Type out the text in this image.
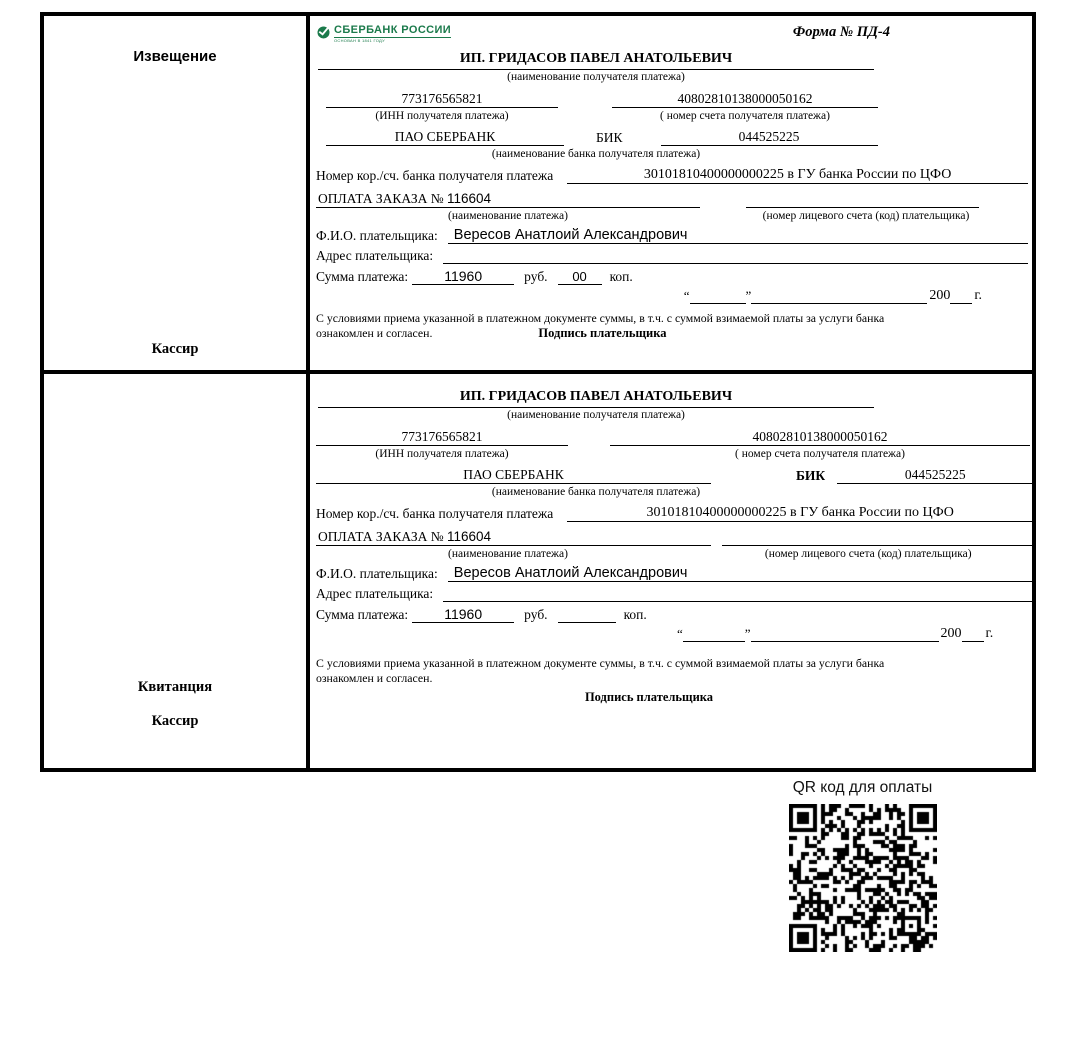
Извещение
Кассир
СБЕРБАНК РОССИИ
ОСНОВАН В 1841 ГОДУ
Форма № ПД-4
ИП. ГРИДАСОВ ПАВЕЛ АНАТОЛЬЕВИЧ
(наименование получателя платежа)
773176565821	40802810138000050162
(ИНН получателя платежа)	( номер счета получателя платежа)
ПАО СБЕРБАНК	БИК	044525225
(наименование банка получателя платежа)
Номер кор./сч. банка получателя платежа	30101810400000000225 в ГУ банка России по ЦФО
ОПЛАТА ЗАКАЗА № 116604
(наименование платежа)	(номер лицевого счета (код) плательщика)
Ф.И.О. плательщика:	Вересов Анатлоий Александрович
Адрес плательщика:
Сумма платежа:	11960	руб.	00	коп.
“	”	200 г.
С условиями приема указанной в платежном документе суммы, в т.ч. с суммой взимаемой платы за услуги банка
ознакомлен и согласен.	Подпись плательщика
Квитанция
Кассир
ИП. ГРИДАСОВ ПАВЕЛ АНАТОЛЬЕВИЧ
(наименование получателя платежа)
773176565821	40802810138000050162
(ИНН получателя платежа)	( номер счета получателя платежа)
ПАО СБЕРБАНК	БИК	044525225
(наименование банка получателя платежа)
Номер кор./сч. банка получателя платежа	30101810400000000225 в ГУ банка России по ЦФО
ОПЛАТА ЗАКАЗА № 116604
(наименование платежа)	(номер лицевого счета (код) плательщика)
Ф.И.О. плательщика:	Вересов Анатлоий Александрович
Адрес плательщика:
Сумма платежа:	11960	руб.	коп.
“	”	200 г.
С условиями приема указанной в платежном документе суммы, в т.ч. с суммой взимаемой платы за услуги банка
ознакомлен и согласен.
Подпись плательщика
QR код для оплаты
